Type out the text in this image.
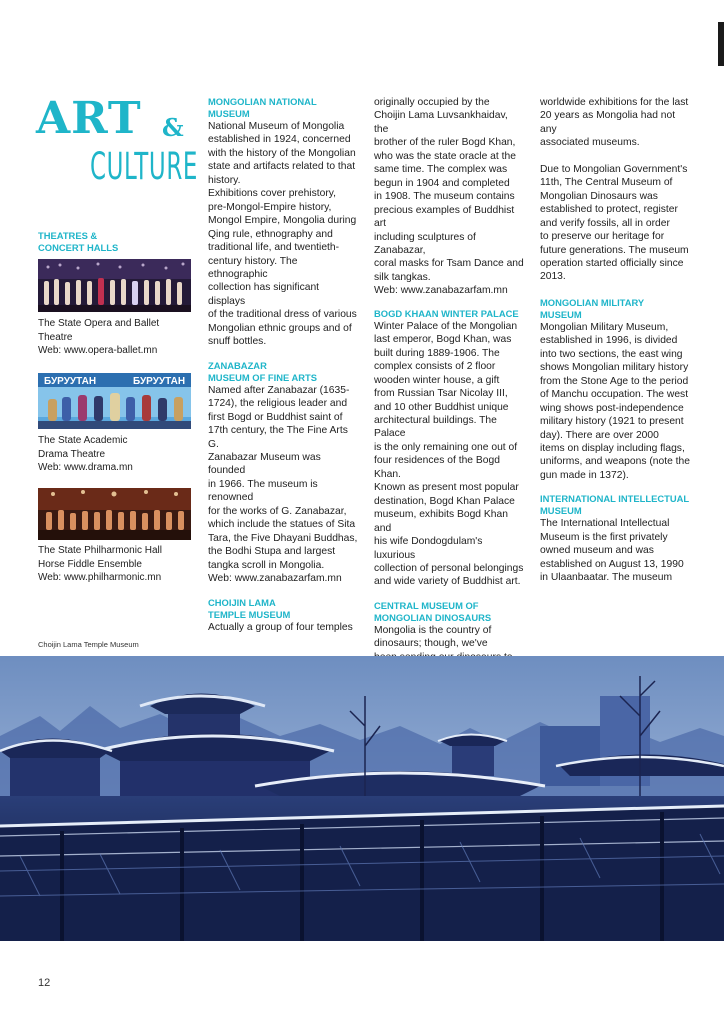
ART &
CULTURE
THEATRES &
CONCERT HALLS
The State Opera and Ballet
Theatre
Web: www.opera-ballet.mn
БУРУУТАН	БУРУУТАН
The State Academic
Drama Theatre
Web: www.drama.mn
The State Philharmonic Hall
Horse Fiddle Ensemble
Web: www.philharmonic.mn
MONGOLIAN NATIONAL
MUSEUM
National Museum of Mongolia
established in 1924, concerned
with the history of the Mongolian
state and artifacts related to that
history.
Exhibitions cover prehistory,
pre-Mongol-Empire history,
Mongol Empire, Mongolia during
Qing rule, ethnography and
traditional life, and twentieth-
century history. The ethnographic
collection has significant displays
of the traditional dress of various
Mongolian ethnic groups and of
snuff bottles.
ZANABAZAR
MUSEUM OF FINE ARTS
Named after Zanabazar (1635-
1724), the religious leader and
first Bogd or Buddhist saint of
17th century, the The Fine Arts G.
Zanabazar Museum was founded
in 1966. The museum is renowned
for the works of G. Zanabazar,
which include the statues of Sita
Tara, the Five Dhayani Buddhas,
the Bodhi Stupa and largest
tangka scroll in Mongolia.
Web: www.zanabazarfam.mn
CHOIJIN LAMA
TEMPLE MUSEUM
Actually a group of four temples
originally occupied by the
Choijin Lama Luvsankhaidav, the
brother of the ruler Bogd Khan,
who was the state oracle at the
same time. The complex was
begun in 1904 and completed
in 1908. The museum contains
precious examples of Buddhist art
including sculptures of Zanabazar,
coral masks for Tsam Dance and
silk tangkas.
Web: www.zanabazarfam.mn
BOGD KHAAN WINTER PALACE
Winter Palace of the Mongolian
last emperor, Bogd Khan, was
built during 1889-1906. The
complex consists of 2 floor
wooden winter house, a gift
from Russian Tsar Nicolay III,
and 10 other Buddhist unique
architectural buildings. The Palace
is the only remaining one out of
four residences of the Bogd Khan.
Known as present most popular
destination, Bogd Khan Palace
museum, exhibits Bogd Khan and
his wife Dondogdulam's luxurious
collection of personal belongings
and wide variety of Buddhist art.
CENTRAL MUSEUM OF
MONGOLIAN DINOSAURS
Mongolia is the country of
dinosaurs; though, we've
worldwide exhibitions for the last
20 years as Mongolia had not any
associated museums.
Due to Mongolian Government's
11th, The Central Museum of
Mongolian Dinosaurs was
established to protect, register
and verify fossils, all in order
to preserve our heritage for
future generations. The museum
operation started officially since
2013.
MONGOLIAN MILITARY
MUSEUM
Mongolian Military Museum,
established in 1996, is divided
into two sections, the east wing
shows Mongolian military history
from the Stone Age to the period
of Manchu occupation. The west
wing shows post-independence
military history (1921 to present
day). There are over 2000
items on display including flags,
uniforms, and weapons (note the
gun made in 1372).
INTERNATIONAL INTELLECTUAL
MUSEUM
The International Intellectual
Museum is the first privately
owned museum and was
established on August 13, 1990
in Ulaanbaatar. The museum
Choijin Lama Temple Museum
12
